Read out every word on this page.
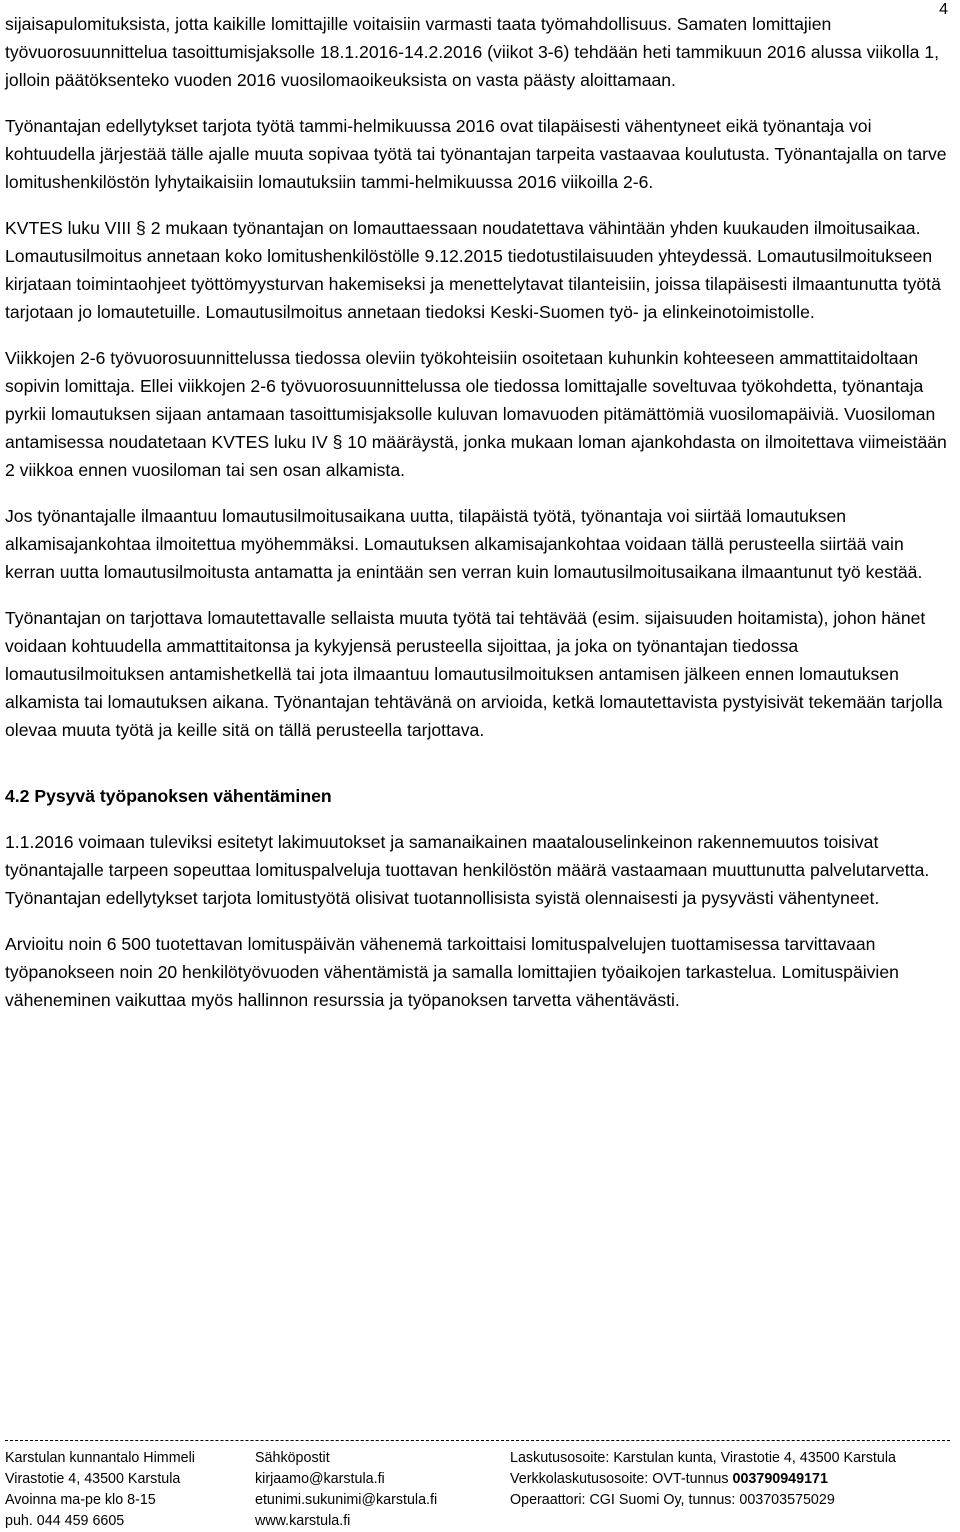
4

sijaisapulomituksista, jotta kaikille lomittajille voitaisiin varmasti taata työmahdollisuus. Samaten lomittajien työvuorosuunnittelua tasoittumisjaksolle 18.1.2016-14.2.2016 (viikot 3-6) tehdään heti tammikuun 2016 alussa viikolla 1, jolloin päätöksenteko vuoden 2016 vuosilomaoikeuksista on vasta päästy aloittamaan.

Työnantajan edellytykset tarjota työtä tammi-helmikuussa 2016 ovat tilapäisesti vähentyneet eikä työnantaja voi kohtuudella järjestää tälle ajalle muuta sopivaa työtä tai työnantajan tarpeita vastaavaa koulutusta. Työnantajalla on tarve lomitushenkilöstön lyhytaikaisiin lomautuksiin tammi-helmikuussa 2016 viikoilla 2-6.

KVTES luku VIII § 2 mukaan työnantajan on lomauttaessaan noudatettava vähintään yhden kuukauden ilmoitusaikaa. Lomautusilmoitus annetaan koko lomitushenkilöstölle 9.12.2015 tiedotustilaisuuden yhteydessä. Lomautusilmoitukseen kirjataan toimintaohjeet työttömyysturvan hakemiseksi ja menettelytavat tilanteisiin, joissa tilapäisesti ilmaantunutta työtä tarjotaan jo lomautetuille. Lomautusilmoitus annetaan tiedoksi Keski-Suomen työ- ja elinkeinotoimistolle.

Viikkojen 2-6 työvuorosuunnittelussa tiedossa oleviin työkohteisiin osoitetaan kuhunkin kohteeseen ammattitaidoltaan sopivin lomittaja. Ellei viikkojen 2-6 työvuorosuunnittelussa ole tiedossa lomittajalle soveltuvaa työkohdetta, työnantaja pyrkii lomautuksen sijaan antamaan tasoittumisjaksolle kuluvan lomavuoden pitämättömiä vuosilomapäiviä. Vuosiloman antamisessa noudatetaan KVTES luku IV § 10 määräystä, jonka mukaan loman ajankohdasta on ilmoitettava viimeistään 2 viikkoa ennen vuosiloman tai sen osan alkamista.

Jos työnantajalle ilmaantuu lomautusilmoitusaikana uutta, tilapäistä työtä, työnantaja voi siirtää lomautuksen alkamisajankohtaa ilmoitettua myöhemmäksi. Lomautuksen alkamisajankohtaa voidaan tällä perusteella siirtää vain kerran uutta lomautusilmoitusta antamatta ja enintään sen verran kuin lomautusilmoitusaikana ilmaantunut työ kestää.

Työnantajan on tarjottava lomautettavalle sellaista muuta työtä tai tehtävää (esim. sijaisuuden hoitamista), johon hänet voidaan kohtuudella ammattitaitonsa ja kykyjensä perusteella sijoittaa, ja joka on työnantajan tiedossa lomautusilmoituksen antamishetkellä tai jota ilmaantuu lomautusilmoituksen antamisen jälkeen ennen lomautuksen alkamista tai lomautuksen aikana. Työnantajan tehtävänä on arvioida, ketkä lomautettavista pystyisivät tekemään tarjolla olevaa muuta työtä ja keille sitä on tällä perusteella tarjottava.

4.2 Pysyvä työpanoksen vähentäminen

1.1.2016 voimaan tuleviksi esitetyt lakimuutokset ja samanaikainen maatalouselinkeinon rakennemuutos toisivat työnantajalle tarpeen sopeuttaa lomituspalveluja tuottavan henkilöstön määrä vastaamaan muuttunutta palvelutarvetta. Työnantajan edellytykset tarjota lomitustyötä olisivat tuotannollisista syistä olennaisesti ja pysyvästi vähentyneet.

Arvioitu noin 6 500 tuotettavan lomituspäivän vähenemä tarkoittaisi lomituspalvelujen tuottamisessa tarvittavaan työpanokseen noin 20 henkilötyövuoden vähentämistä ja samalla lomittajien työaikojen tarkastelua. Lomituspäivien väheneminen vaikuttaa myös hallinnon resurssia ja työpanoksen tarvetta vähentävästi.

Karstulan kunnantalo Himmeli
Virastotie 4, 43500 Karstula
Avoinna ma-pe klo 8-15
puh. 044 459 6605
Sähköpostit
kirjaamo@karstula.fi
etunimi.sukunimi@karstula.fi
www.karstula.fi
Laskutusosoite: Karstulan kunta, Virastotie 4, 43500 Karstula
Verkkolaskutusosoite: OVT-tunnus 003790949171
Operaattori: CGI Suomi Oy, tunnus: 003703575029
